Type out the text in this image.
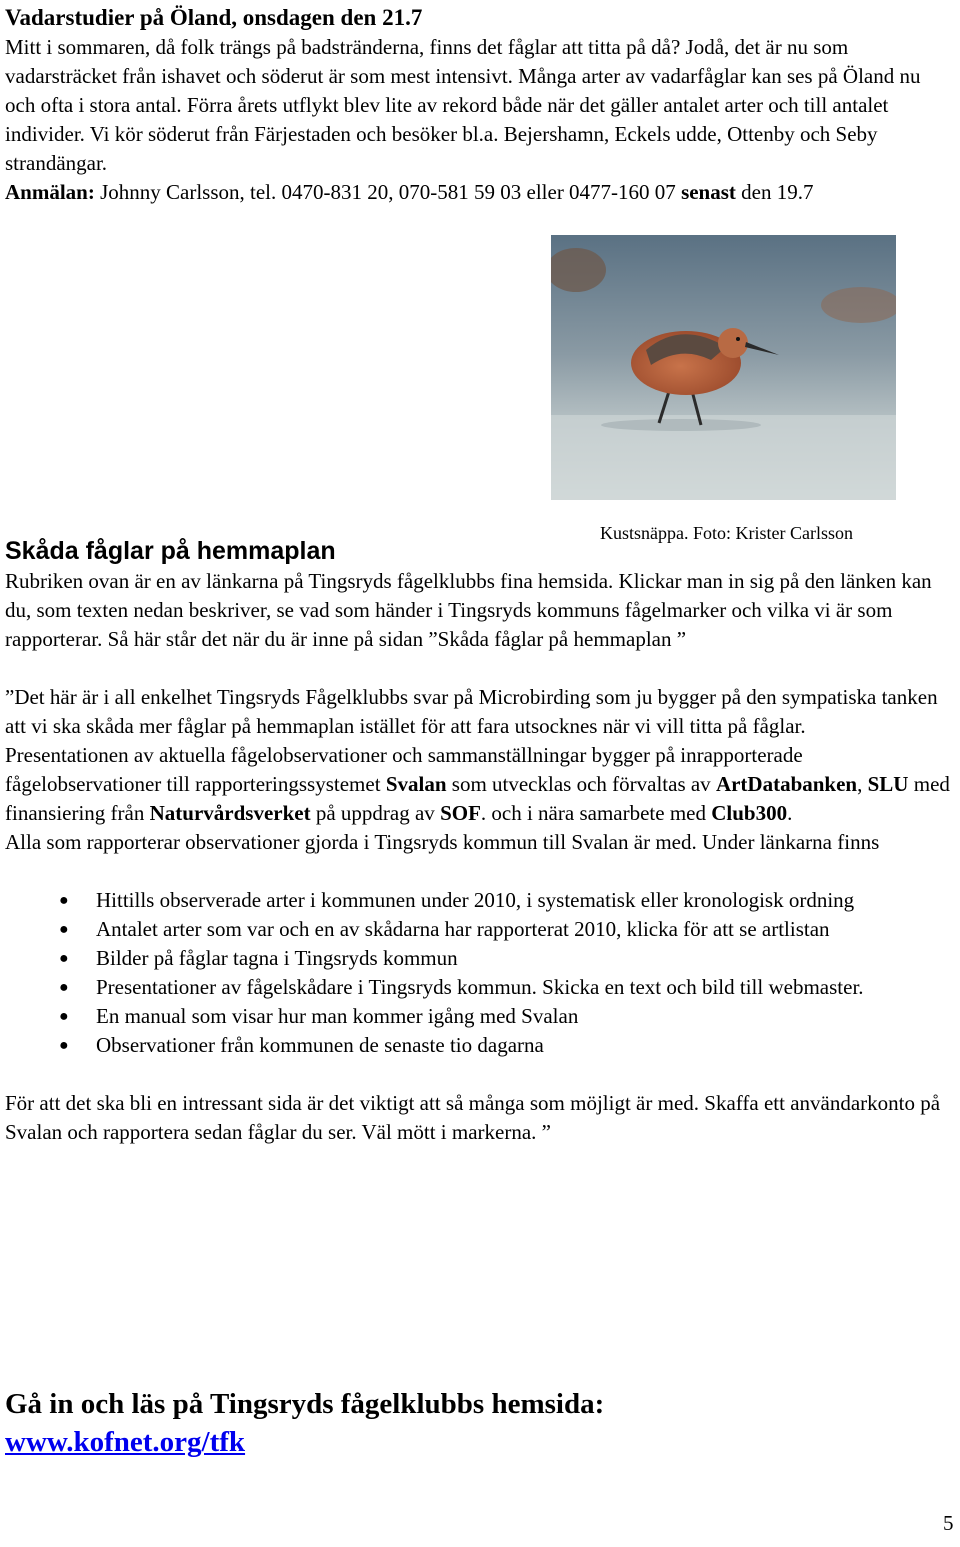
Vadarstudier på Öland, onsdagen den 21.7
Mitt i sommaren, då folk trängs på badstränderna, finns det fåglar att titta på då? Jodå, det är nu som vadarsträcket från ishavet och söderut är som mest intensivt. Många arter av vadarfåglar kan ses på Öland nu och ofta i stora antal. Förra årets utflykt blev lite av rekord både när det gäller antalet arter och till antalet individer. Vi kör söderut från Färjestaden och besöker bl.a. Bejershamn, Eckels udde, Ottenby och Seby strandängar.
Anmälan: Johnny Carlsson, tel. 0470-831 20, 070-581 59 03 eller 0477-160 07 senast den 19.7
Kustsnäppa. Foto: Krister Carlsson
Skåda fåglar på hemmaplan

Rubriken ovan är en av länkarna på Tingsryds fågelklubbs fina hemsida. Klickar man in sig på den länken kan du, som texten nedan beskriver, se vad som händer i Tingsryds kommuns fågelmarker och vilka vi är som rapporterar. Så här står det när du är inne på sidan ”Skåda fåglar på hemmaplan ”

”Det här är i all enkelhet Tingsryds Fågelklubbs svar på Microbirding som ju bygger på den sympatiska tanken att vi ska skåda mer fåglar på hemmaplan istället för att fara utsocknes när vi vill titta på fåglar.

Presentationen av aktuella fågelobservationer och sammanställningar bygger på inrapporterade fågelobservationer till rapporteringssystemet Svalan som utvecklas och förvaltas av ArtDatabanken, SLU med finansiering från Naturvårdsverket på uppdrag av SOF. och i nära samarbete med Club300.

Alla som rapporterar observationer gjorda i Tingsryds kommun till Svalan är med. Under länkarna finns

● Hittills observerade arter i kommunen under 2010, i systematisk eller kronologisk ordning
● Antalet arter som var och en av skådarna har rapporterat 2010, klicka för att se artlistan
● Bilder på fåglar tagna i Tingsryds kommun
● Presentationer av fågelskådare i Tingsryds kommun. Skicka en text och bild till webmaster.
● En manual som visar hur man kommer igång med Svalan
● Observationer från kommunen de senaste tio dagarna

För att det ska bli en intressant sida är det viktigt att så många som möjligt är med. Skaffa ett användarkonto på Svalan och rapportera sedan fåglar du ser. Väl mött i markerna. ”

Gå in och läs på Tingsryds fågelklubbs hemsida:
www.kofnet.org/tfk
5
